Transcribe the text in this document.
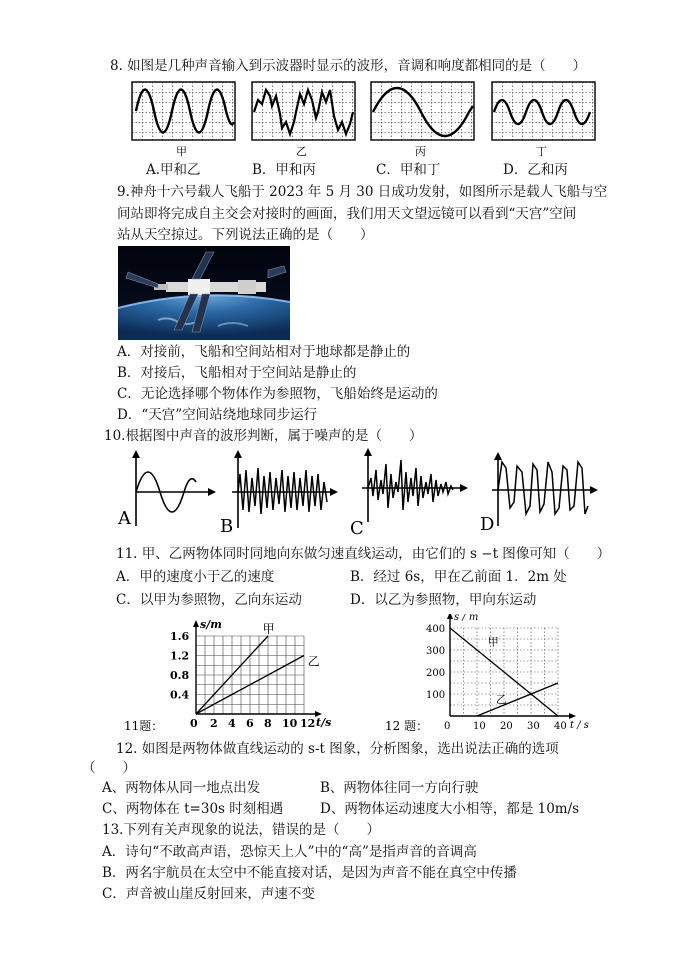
8. 如图是几种声音输入到示波器时显示的波形，音调和响度都相同的是（　　）
甲	乙	丙	丁
A.甲和乙	B．甲和丙	C．甲和丁	D．乙和丙
9.神舟十六号载人飞船于 2023 年 5 月 30 日成功发射，如图所示是载人飞船与空
间站即将完成自主交会对接时的画面，我们用天文望远镜可以看到“天宫”空间
站从天空掠过。下列说法正确的是（　　）
A．对接前，飞船和空间站相对于地球都是静止的
B．对接后，飞船相对于空间站是静止的
C．无论选择哪个物体作为参照物，飞船始终是运动的
D．“天宫”空间站绕地球同步运行
10.根据图中声音的波形判断，属于噪声的是（　　）
A	B	C	D
11. 甲、乙两物体同时同地向东做匀速直线运动，由它们的 s −t 图像可知（　　）
A．甲的速度小于乙的速度	B．经过 6s，甲在乙前面 1．2m 处
C．以甲为参照物，乙向东运动	D．以乙为参照物，甲向东运动
0 2 4 6 8 10 12
0.4
0.8
1.2
1.6
s/m
t/s
甲
乙
11题：	0 10 20 30 40
100
200
300
400
s / m
t / s
甲
乙
12 题：
12. 如图是两物体做直线运动的 s-t 图象，分析图象，选出说法正确的选项
（　　）
A、两物体从同一地点出发	B、两物体往同一方向行驶
C、两物体在 t=30s 时刻相遇	D、两物体运动速度大小相等，都是 10m/s
13.下列有关声现象的说法，错误的是（　　）
A．诗句“不敢高声语，恐惊天上人”中的“高”是指声音的音调高
B．两名宇航员在太空中不能直接对话，是因为声音不能在真空中传播
C．声音被山崖反射回来，声速不变
